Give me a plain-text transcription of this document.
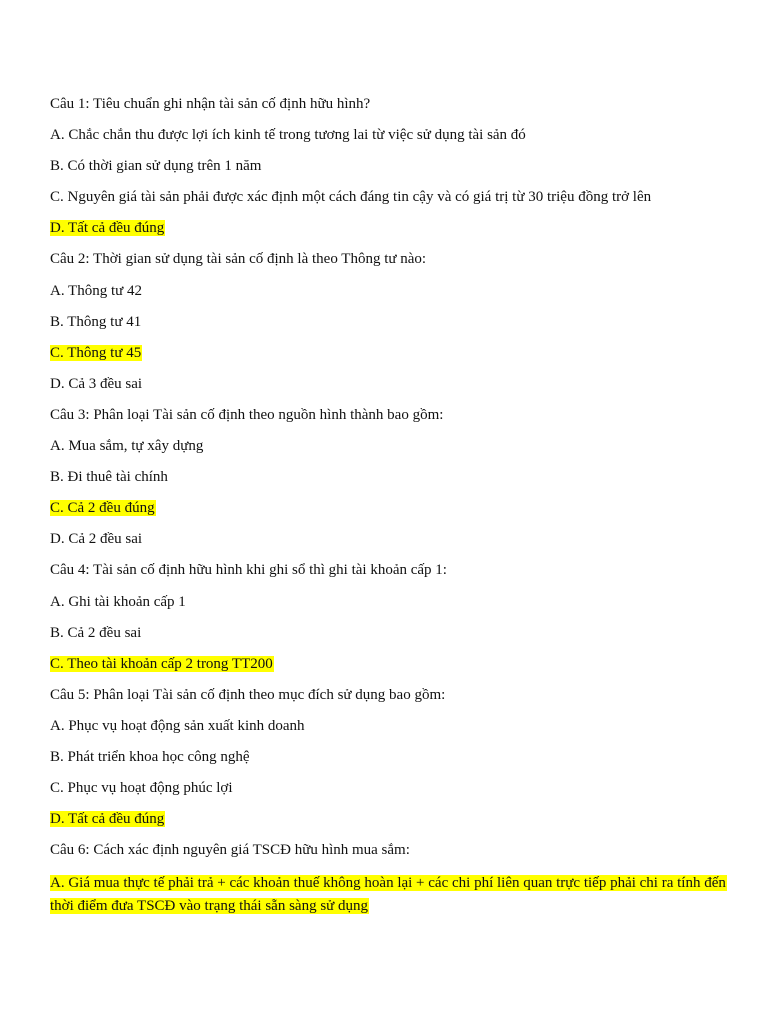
Câu 1: Tiêu chuẩn ghi nhận tài sản cố định hữu hình?
A. Chắc chắn thu được lợi ích kinh tế trong tương lai từ việc sử dụng tài sản đó
B. Có thời gian sử dụng trên 1 năm
C. Nguyên giá tài sản phải được xác định một cách đáng tin cậy và có giá trị từ 30 triệu đồng trở lên
D. Tất cả đều đúng
Câu 2: Thời gian sử dụng tài sản cố định là theo Thông tư nào:
A. Thông tư 42
B. Thông tư 41
C. Thông tư 45
D. Cả 3 đều sai
Câu 3: Phân loại Tài sản cố định theo nguồn hình thành bao gồm:
A. Mua sắm, tự xây dựng
B. Đi thuê tài chính
C. Cả 2 đều đúng
D. Cả 2 đều sai
Câu 4: Tài sản cố định hữu hình khi ghi sổ thì ghi tài khoản cấp 1:
A. Ghi tài khoản cấp 1
B. Cả 2 đều sai
C. Theo tài khoản cấp 2 trong TT200
Câu 5: Phân loại Tài sản cố định theo mục đích sử dụng bao gồm:
A. Phục vụ hoạt động sản xuất kinh doanh
B. Phát triển khoa học công nghệ
C. Phục vụ hoạt động phúc lợi
D. Tất cả đều đúng
Câu 6: Cách xác định nguyên giá TSCĐ hữu hình mua sắm:
A. Giá mua thực tế phải trả + các khoản thuế không hoàn lại + các chi phí liên quan trực tiếp phải chi ra tính đến thời điểm đưa TSCĐ vào trạng thái sẵn sàng sử dụng
